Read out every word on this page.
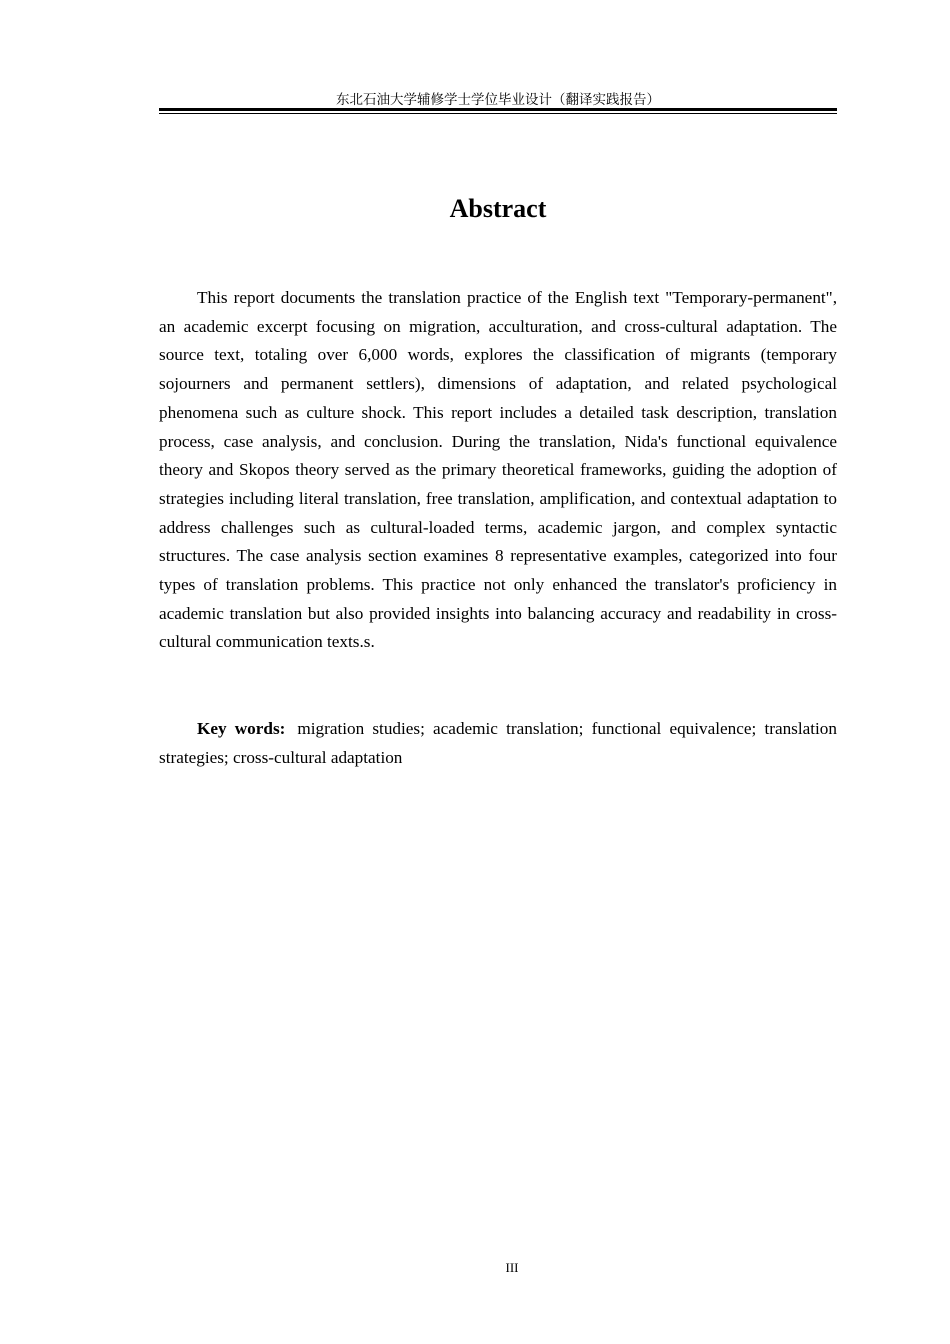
东北石油大学辅修学士学位毕业设计（翻译实践报告）
Abstract

This report documents the translation practice of the English text "Temporary-permanent", an academic excerpt focusing on migration, acculturation, and cross-cultural adaptation. The source text, totaling over 6,000 words, explores the classification of migrants (temporary sojourners and permanent settlers), dimensions of adaptation, and related psychological phenomena such as culture shock. This report includes a detailed task description, translation process, case analysis, and conclusion. During the translation, Nida's functional equivalence theory and Skopos theory served as the primary theoretical frameworks, guiding the adoption of strategies including literal translation, free translation, amplification, and contextual adaptation to address challenges such as cultural-loaded terms, academic jargon, and complex syntactic structures. The case analysis section examines 8 representative examples, categorized into four types of translation problems. This practice not only enhanced the translator's proficiency in academic translation but also provided insights into balancing accuracy and readability in cross-cultural communication texts.s.

Key words: migration studies; academic translation; functional equivalence; translation strategies; cross-cultural adaptation

III
